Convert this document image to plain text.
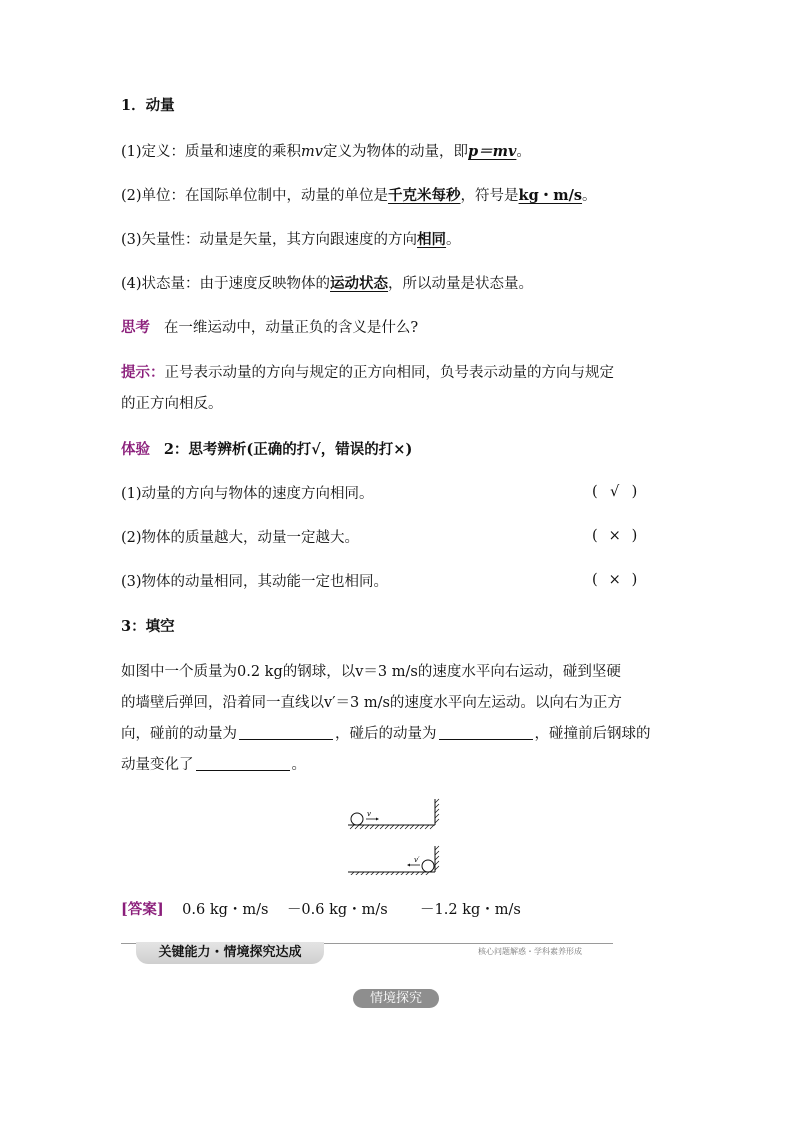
1．动量
(1)定义：质量和速度的乘积mv定义为物体的动量，即p＝mv。
(2)单位：在国际单位制中，动量的单位是千克米每秒，符号是kg・m/s。
(3)矢量性：动量是矢量，其方向跟速度的方向相同。
(4)状态量：由于速度反映物体的运动状态，所以动量是状态量。
思考 在一维运动中，动量正负的含义是什么?
提示：正号表示动量的方向与规定的正方向相同，负号表示动量的方向与规定
的正方向相反。
体验 2：思考辨析(正确的打√，错误的打×)
(1)动量的方向与物体的速度方向相同。	( √ )
(2)物体的质量越大，动量一定越大。	( × )
(3)物体的动量相同，其动能一定也相同。	( × )
3：填空
如图中一个质量为0.2 kg的钢球，以v＝3 m/s的速度水平向右运动，碰到坚硬
的墙壁后弹回，沿着同一直线以v′＝3 m/s的速度水平向左运动。以向右为正方
向，碰前的动量为	，碰后的动量为	，碰撞前后钢球的
动量变化了	。
v
v′
[答案] 0.6 kg・m/s －0.6 kg・m/s －1.2 kg・m/s
关键能力・情境探究达成	核心问题解惑・学科素养形成
情境探究
